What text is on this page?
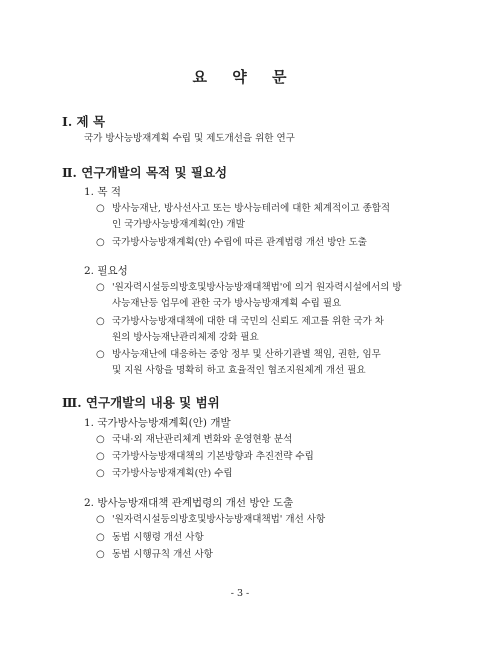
요 약 문
Ⅰ. 제 목
국가 방사능방재계획 수립 및 제도개선을 위한 연구
Ⅱ. 연구개발의 목적 및 필요성
1. 목 적
○ 방사능재난, 방사선사고 또는 방사능테러에 대한 체계적이고 종합적
인 국가방사능방재계획(안) 개발
○ 국가방사능방재계획(안) 수립에 따른 관계법령 개선 방안 도출
2. 필요성
○ '원자력시설등의방호및방사능방재대책법'에 의거 원자력시설에서의 방
사능재난등 업무에 관한 국가 방사능방재계획 수립 필요
○ 국가방사능방재대책에 대한 대 국민의 신뢰도 제고를 위한 국가 차
원의 방사능재난관리체제 강화 필요
○ 방사능재난에 대응하는 중앙 정부 및 산하기관별 책임, 권한, 임무
및 지원 사항을 명확히 하고 효율적인 협조지원체계 개선 필요
Ⅲ. 연구개발의 내용 및 범위
1. 국가방사능방재계획(안) 개발
○ 국내·외 재난관리체계 변화와 운영현황 분석
○ 국가방사능방재대책의 기본방향과 추진전략 수립
○ 국가방사능방재계획(안) 수립
2. 방사능방재대책 관계법령의 개선 방안 도출
○ '원자력시설등의방호및방사능방재대책법' 개선 사항
○ 동법 시행령 개선 사항
○ 동법 시행규칙 개선 사항
- 3 -
